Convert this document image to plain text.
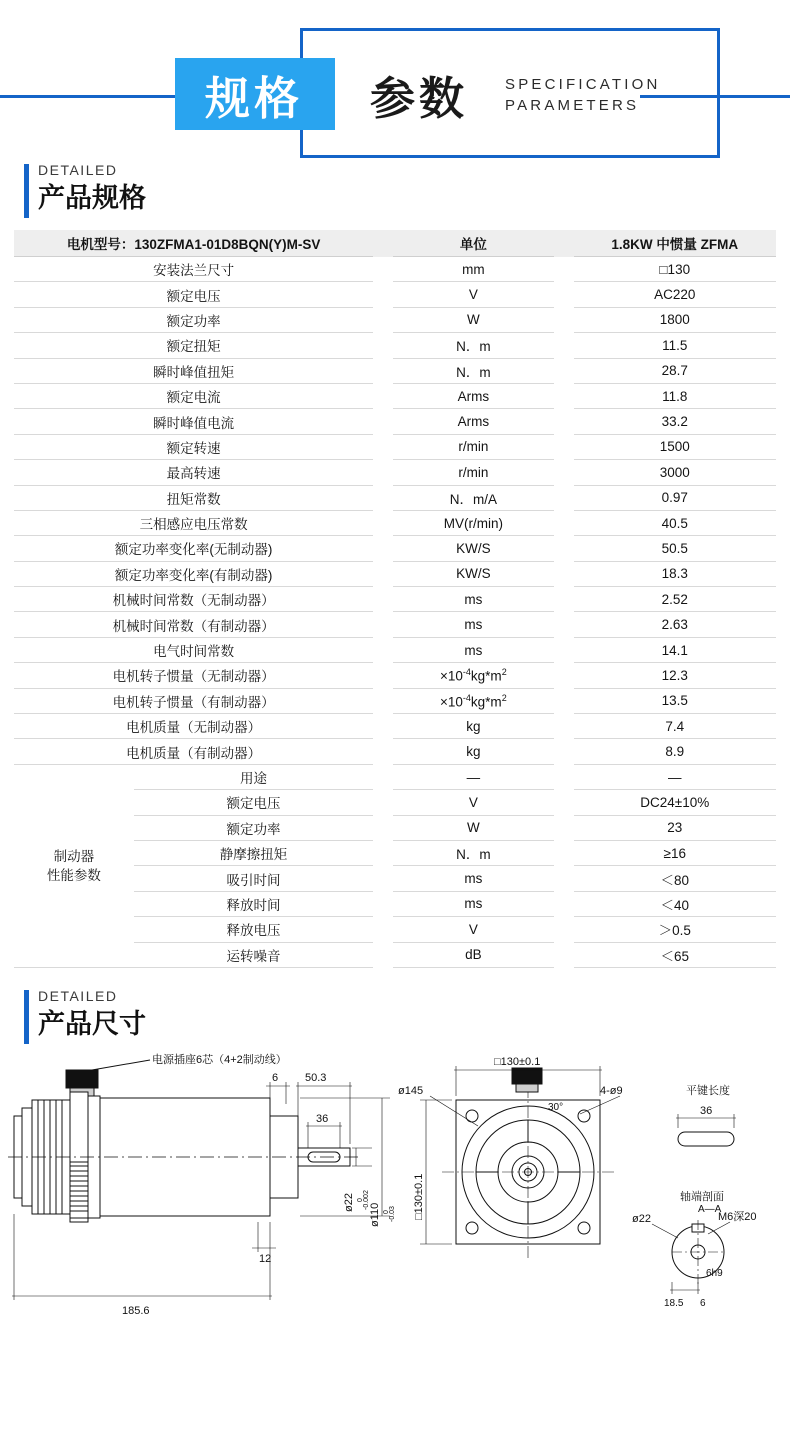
规格 参数 SPECIFICATION
PARAMETERS
DETAILED
产品规格
电机型号：130ZFMA1-01D8BQN(Y)M-SV			单位		1.8KW 中惯量 ZFMA
安装法兰尺寸			mm		□130
额定电压			V		AC220
额定功率			W		1800
额定扭矩			N．m		11.5
瞬时峰值扭矩			N．m		28.7
额定电流			Arms		11.8
瞬时峰值电流			Arms		33.2
额定转速			r/min		1500
最高转速			r/min		3000
扭矩常数			N．m/A		0.97
三相感应电压常数			MV(r/min)		40.5
额定功率变化率(无制动器)			KW/S		50.5
额定功率变化率(有制动器)			KW/S		18.3
机械时间常数（无制动器）			ms		2.52
机械时间常数（有制动器）			ms		2.63
电气时间常数			ms		14.1
电机转子惯量（无制动器）			$\times 10^{-4}kg*m^2$		12.3
电机转子惯量（有制动器）			$\times 10^{-4}kg*m^2$		13.5
电机质量（无制动器）			kg		7.4
电机质量（有制动器）			kg		8.9

制动器
性能参数	用途		—		—
	额定电压		V		DC24±10%
	额定功率		W		23
	静摩擦扭矩		N．m		≥16
	吸引时间		ms		＜80
	释放时间		ms		＜40
	释放电压		V		＞0.5
	运转噪音		dB		＜65
DETAILED
产品尺寸
电源插座6芯（4+2制动线）
6 50.3
36
ø22 0 -0.002
ø110 0 -0.03
12
185.6
□130±0.1
□130±0.1
ø145	4-ø9
30°
平键长度
36
轴端剖面
A—A
ø22	M6深20
6h9
18.5 6
